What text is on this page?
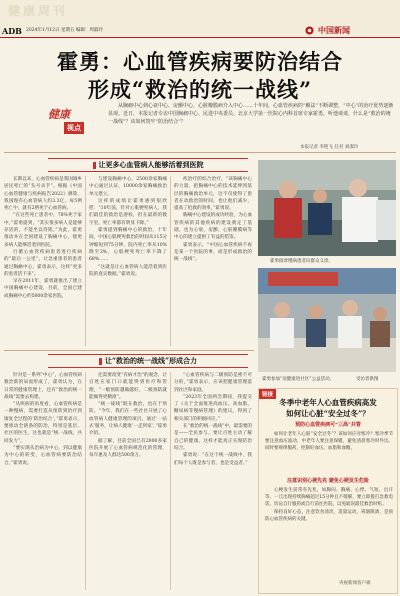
健康周刊
ADB 2024年1月12日 星期五 编辑：周淑玲	中国新闻
霍勇：心血管疾病要防治结合
形成“救治的统一战线”
健康
视点

从胸痛中心到心衰中心、房颤中心，心脏瓣膜病介入中心……十年间，心血管疾病的“解法”不断调整，“中心”的治疗优势逐渐显现。近日，本报记者专访中国胸痛中心、民进中央委员、北京大学第一医院心内科首席专家霍勇，听他谈谈，什么是“救治的统一战线”？该如何筑牢“防治结合”？

本报记者 李艳飞 任君 刘淑玲
让更多心血管病人能够活着到医院

长期以来，心血管疾病是我国城乡居民死亡的“头号杀手”。根据《中国心血管健康与疾病报告2022》测算，我国现有心血管病人约3.3亿，每5例死亡中，就有2例死于心血管病。

“在这些死亡患者中，78%死于家中，”霍勇提到，“其实很多病人是能够存活的，不能坐以待毙。”为此，霍勇推动并在全国建设了胸痛中心，使更多病人能够活着到医院。

行循心血管疾病患者进行疾病的“最后一公里”，让急重患者的患者通过胸痛中心，霍勇表示，这样“更多的患者活下来”。

早在2011年，霍勇就推出了建立中国胸痛中心建设，目前，全国已建成胸痛中心约5000余家医院。

与建设胸痛中心，2500余家胸痛中心通过认证，10000余家胸痛救治单元建立。

这样的成绩让霍勇感到很欣慰：“10年前，针对心肌梗死病人，我们最佳的救治是溶栓，但在最新的数字里，死亡率都有明显下降。”

霍勇提到胸痛中心的救治，十年间，中国心肌梗死救治的时间从115分钟缩短到75分钟，院内死亡率从10%降至3%，心肌梗死死亡率下降了68%……

“这就是让心血管病人能活着到医院的真实数据，”霍勇说。

疾治疗的综合治疗，“该胸痛中心的力量，把胸痛中心的技术延伸到基层的胸痛救治单元，这不仅使得了患者在动救治的时间，也让他们减少，提高了抢救的效率，”霍勇说。

胸痛中心建设的成功经验，为心血管疾病的其他疾病的建设奠定了基础，也为心衰、房颤、心脏瓣膜病等中心的建立提供了有益的借鉴。

霍勇表示，“中国心血管疾病不再是某一个医院的事，而是形成救治的统一战线”。	霍勇接诊慢病患者向群众义诊。
霍勇参加“送健康进社区”公益活动。	受访者供图
让“救治的统一战线”形成合力

针对是一系列“中心”，心血管疾病救治新的局面形成了，霍勇认为，在日常的健康管理上，还有“救治的统一战线”需要去构建。

“从疾病的角度看，心血管疾病是一种慢病，需要打造从预防到治疗到康复全过程的‘防治结合’，”霍勇表示，要推动全链条的防治，特别是基层、社区的医生，这也就是“统一战线，共同发力”。

“要实现从治病为中心，到以健康为中心的转变，心血管病要防治结合，”霍勇说。

还需要改变“有病才治”的观念，让百姓在家门口就能得到医疗和管理，“一级预防越做越好，二级预防就能做得更精准”。

“统一战线”既在救治，也在于预防。“今年，我们在一些社区开展了心血管病人健康管理的项目，通过‘一站式’服务，让病人健康‘一走到家’，”霍勇介绍。

据了解，目前全国已有2000多家医院开展了心血管病规范化的管理，每年惠及人群达500余万。

“心血管疾病与二级预防是密不可分的，”霍勇表示，应该把健康管理落到社区和家庭。

“2023年全国两会期间，我提交了《关于全面推进高血压、高血脂、糖尿病等慢病管理》的建议，得到了相关部门的积极回应。”

在“救治的统一战线”中，最需要的是——全民参与。要让百姓主动了解自己的健康，这样才能真正实现防治结合。

霍勇说：“在这个统一战线中，我们每个人既是参与者，也是受益者。”

链接
冬季中老年人心血管疾病高发
如何让心脏“安全过冬”？
预防心血管疾病可“三高”共管

如何让老年人心脏“安全过冬”？该如何应对寒冷？寒冷季节要注意血压波动，中老年人要注意保暖，避免清晨寒冷时外出。同时要规律服药，控制好血压、血脂和血糖。

注意识别心梗先兆 避免心梗发生危险

心梗发生前常有先兆，如胸闷、胸痛、心悸、气短、出汗等。一旦出现持续胸痛超过15分钟且不缓解，要立即拨打急救电话。切忌自行服药或自行前往医院，以免耽误最佳救治时机。

保持良好心态，注意饮食清淡，适量运动，戒烟限酒，是预防心血管疾病的关键。

央视新闻客户端
